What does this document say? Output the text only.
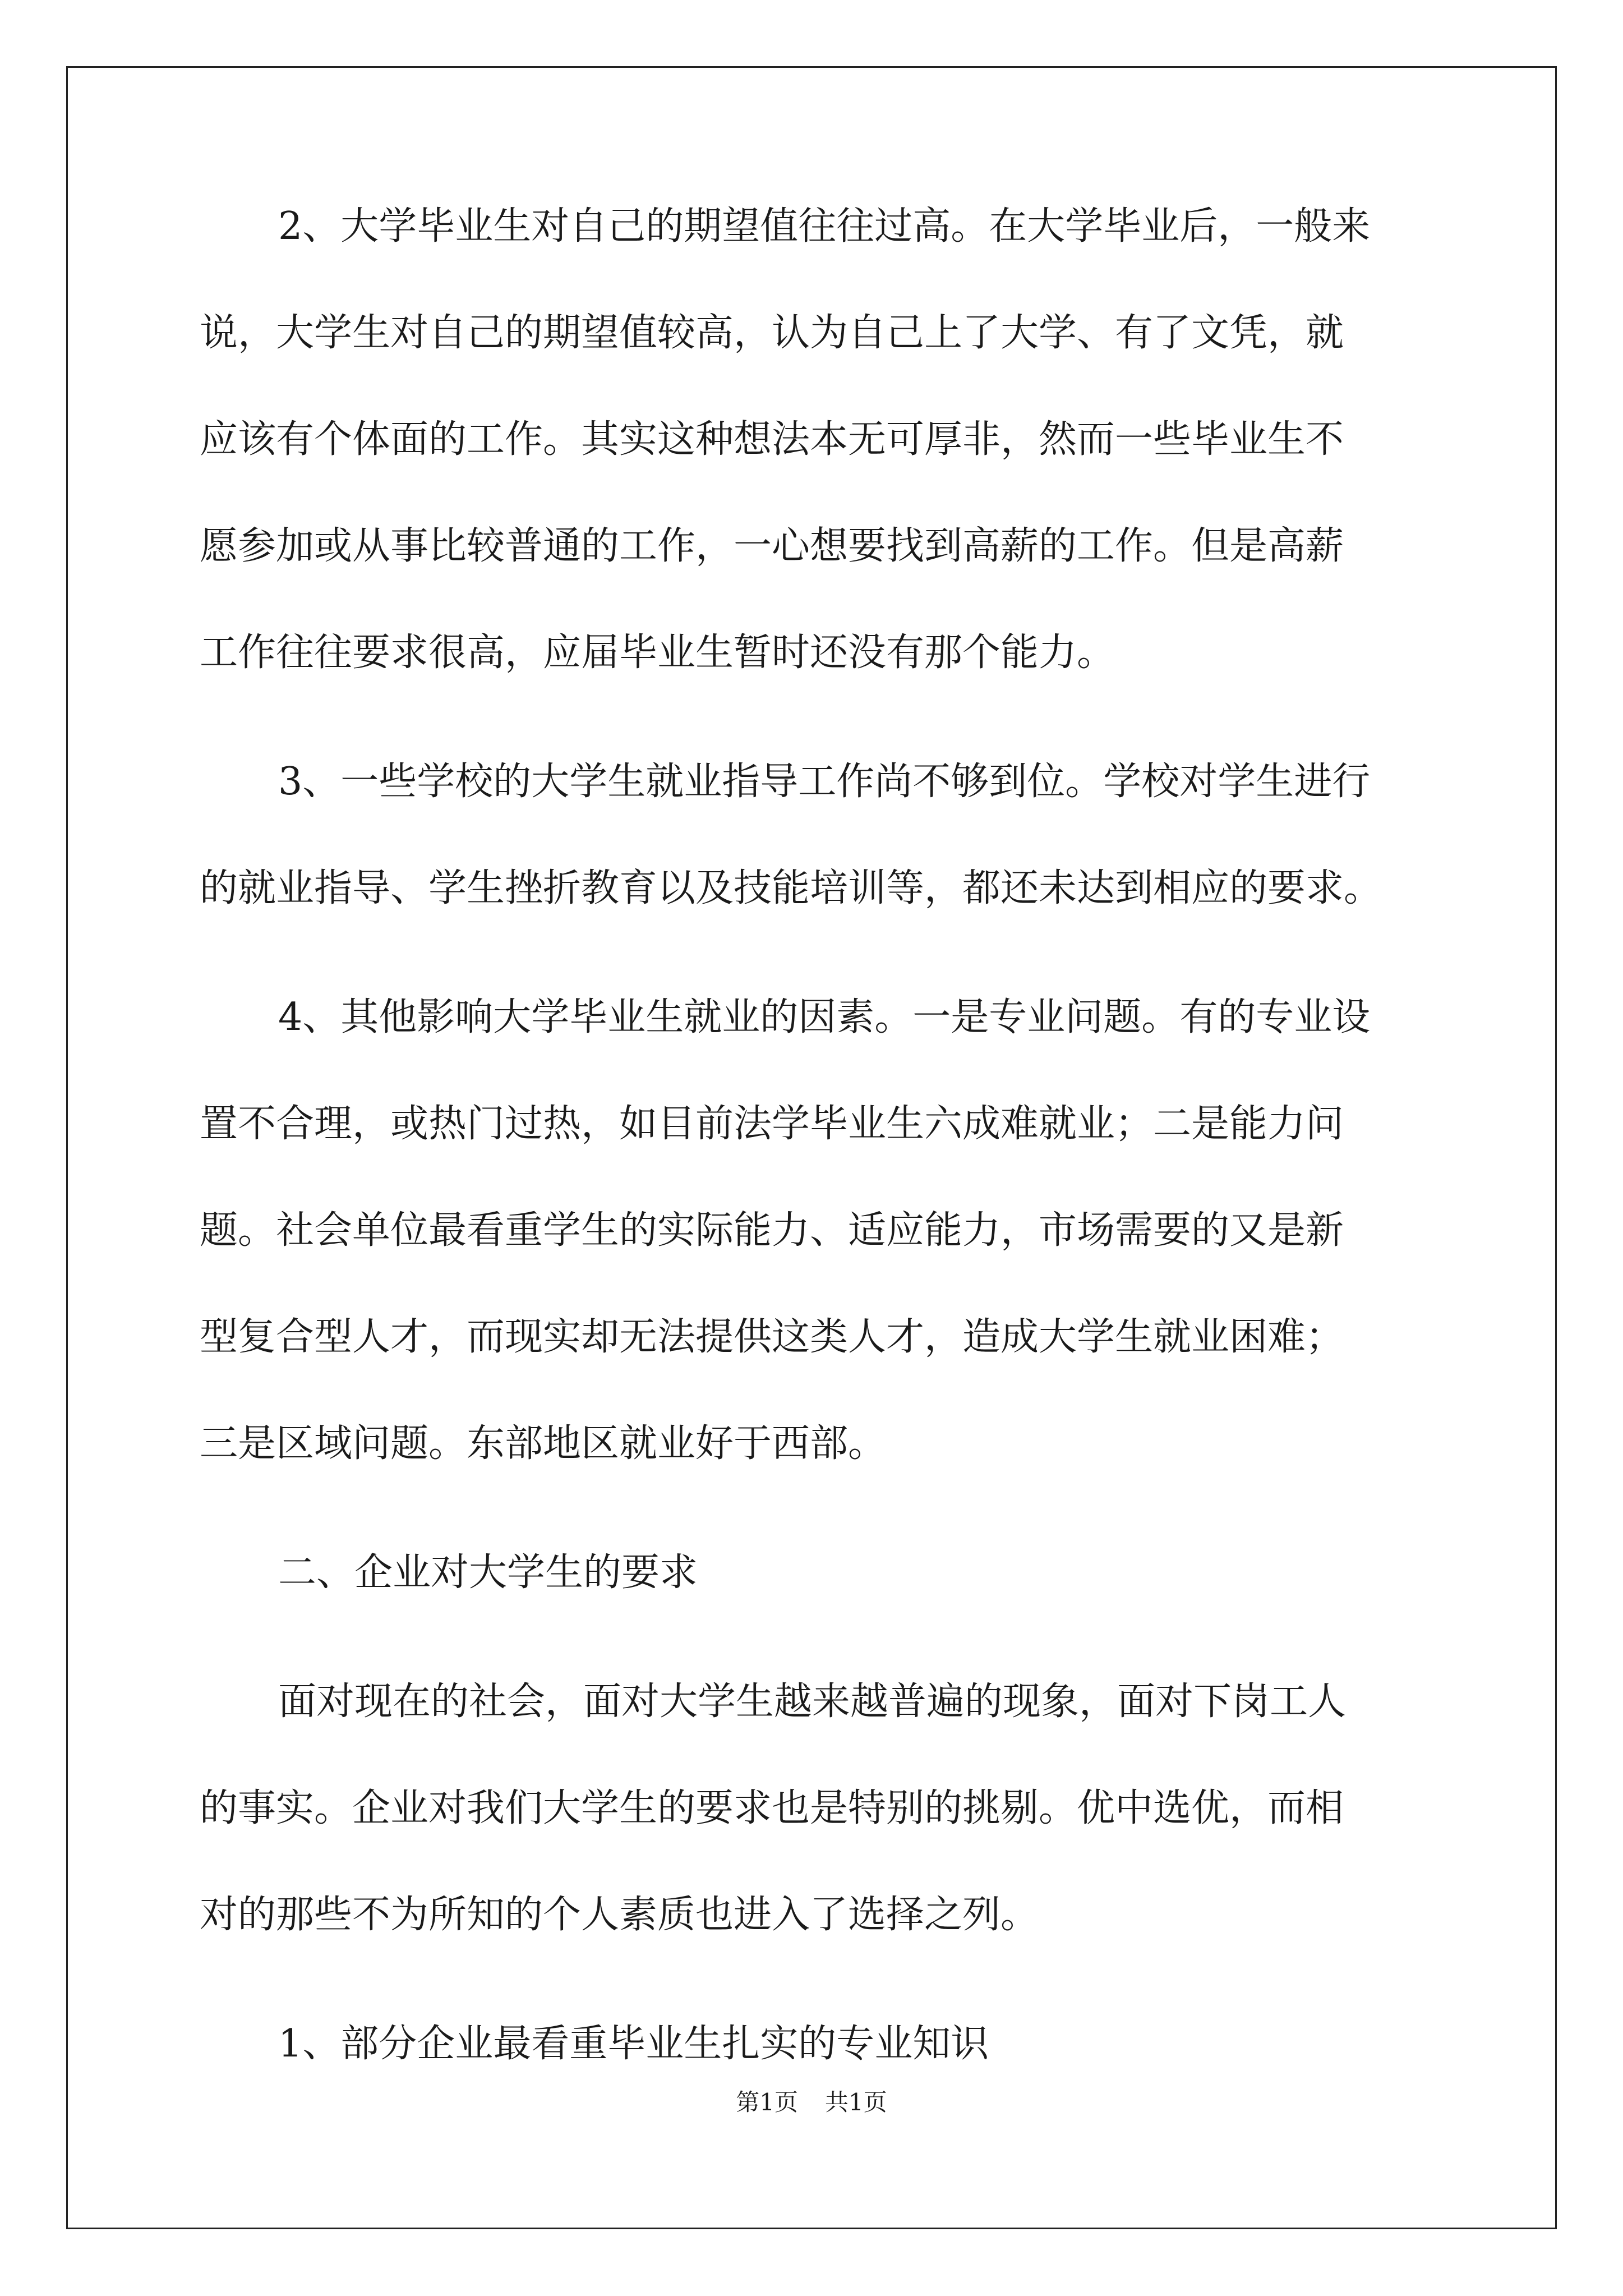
2、大学毕业生对自己的期望值往往过高。在大学毕业后，一般来
说，大学生对自己的期望值较高，认为自己上了大学、有了文凭，就
应该有个体面的工作。其实这种想法本无可厚非，然而一些毕业生不
愿参加或从事比较普通的工作，一心想要找到高薪的工作。但是高薪
工作往往要求很高，应届毕业生暂时还没有那个能力。
3、一些学校的大学生就业指导工作尚不够到位。学校对学生进行
的就业指导、学生挫折教育以及技能培训等，都还未达到相应的要求。
4、其他影响大学毕业生就业的因素。一是专业问题。有的专业设
置不合理，或热门过热，如目前法学毕业生六成难就业；二是能力问
题。社会单位最看重学生的实际能力、适应能力，市场需要的又是新
型复合型人才，而现实却无法提供这类人才，造成大学生就业困难；
三是区域问题。东部地区就业好于西部。
二、企业对大学生的要求
面对现在的社会，面对大学生越来越普遍的现象，面对下岗工人
的事实。企业对我们大学生的要求也是特别的挑剔。优中选优，而相
对的那些不为所知的个人素质也进入了选择之列。
1、部分企业最看重毕业生扎实的专业知识
第1页 共1页
